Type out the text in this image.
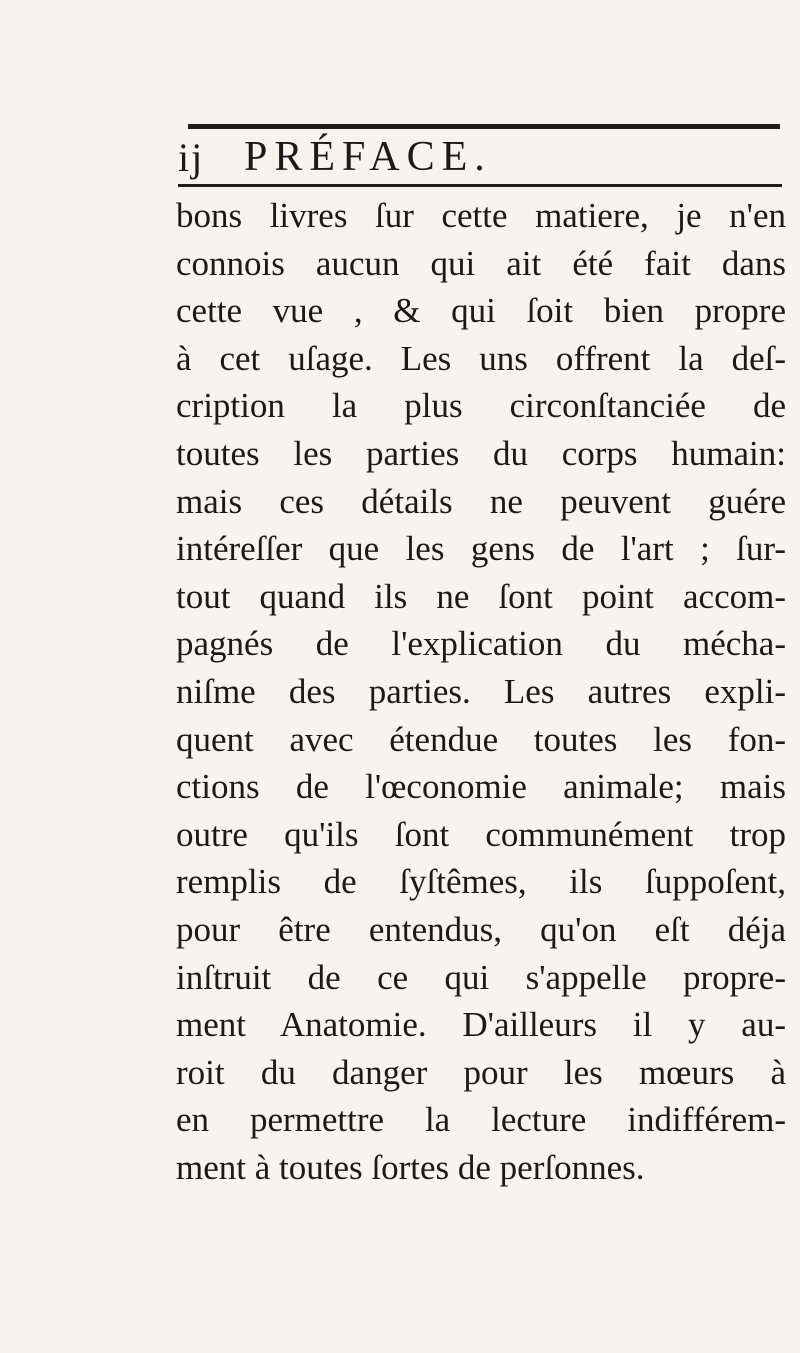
ij PRÉFACE.
bons livres ſur cette matiere, je n'en
connois aucun qui ait été fait dans
cette vue , & qui ſoit bien propre
à cet uſage. Les uns offrent la deſ-
cription la plus circonſtanciée de
toutes les parties du corps humain:
mais ces détails ne peuvent guére
intéreſſer que les gens de l'art ; ſur-
tout quand ils ne ſont point accom-
pagnés de l'explication du mécha-
niſme des parties. Les autres expli-
quent avec étendue toutes les fon-
ctions de l'œconomie animale; mais
outre qu'ils ſont communément trop
remplis de ſyſtêmes, ils ſuppoſent,
pour être entendus, qu'on eſt déja
inſtruit de ce qui s'appelle propre-
ment Anatomie. D'ailleurs il y au-
roit du danger pour les mœurs à
en permettre la lecture indifférem-
ment à toutes ſortes de perſonnes.
